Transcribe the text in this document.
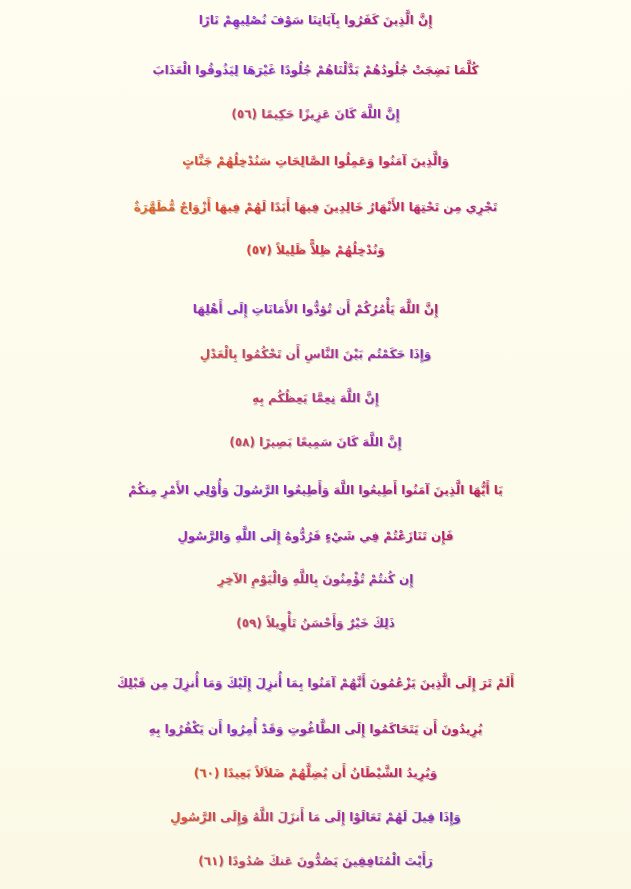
إِنَّ الَّذِينَ كَفَرُوا بِآيَاتِنَا سَوْفَ نُصْلِيهِمْ نَارًا
كُلَّمَا نَضِجَتْ جُلُودُهُمْ بَدَّلْنَاهُمْ جُلُودًا غَيْرَهَا لِيَذُوقُوا الْعَذَابَ
إِنَّ اللَّهَ كَانَ عَزِيزًا حَكِيمًا (٥٦)
وَالَّذِينَ آمَنُوا وَعَمِلُوا الصَّالِحَاتِ سَنُدْخِلُهُمْ جَنَّاتٍ
تَجْرِي مِن تَحْتِهَا الأَنْهَارُ خَالِدِينَ فِيهَا أَبَدًا لَهُمْ فِيهَا أَزْوَاجٌ مُّطَهَّرَةٌ
وَنُدْخِلُهُمْ ظِلاًّ ظَلِيلاً (٥٧)
إِنَّ اللَّهَ يَأْمُرُكُمْ أَن تُؤدُّوا الأَمَانَاتِ إِلَى أَهْلِهَا
وَإِذَا حَكَمْتُم بَيْنَ النَّاسِ أَن تَحْكُمُوا بِالْعَدْلِ
إِنَّ اللَّهَ نِعِمَّا يَعِظُكُم بِهِ
إِنَّ اللَّهَ كَانَ سَمِيعًا بَصِيرًا (٥٨)
يَا أَيُّهَا الَّذِينَ آمَنُوا أَطِيعُوا اللَّهَ وَأَطِيعُوا الرَّسُولَ وَأُوْلِي الأَمْرِ مِنكُمْ
فَإِن تَنَازَعْتُمْ فِي شَيْءٍ فَرُدُّوهُ إِلَى اللَّهِ وَالرَّسُولِ
إِن كُنتُمْ تُؤْمِنُونَ بِاللَّهِ وَالْيَوْمِ الآخِرِ
ذَلِكَ خَيْرٌ وَأَحْسَنُ تَأْوِيلاً (٥٩)
أَلَمْ تَرَ إِلَى الَّذِينَ يَزْعُمُونَ أَنَّهُمْ آمَنُوا بِمَا أُنزِلَ إِلَيْكَ وَمَا أُنزِلَ مِن قَبْلِكَ
يُرِيدُونَ أَن يَتَحَاكَمُوا إِلَى الطَّاغُوتِ وَقَدْ أُمِرُوا أَن يَكْفُرُوا بِهِ
وَيُرِيدُ الشَّيْطَانُ أَن يُضِلَّهُمْ ضَلاَلاً بَعِيدًا (٦٠)
وَإِذَا قِيلَ لَهُمْ تَعَالَوْا إِلَى مَا أَنزَلَ اللَّهُ وَإِلَى الرَّسُولِ
رَأَيْتَ الْمُنَافِقِينَ يَصُدُّونَ عَنكَ صُدُودًا (٦١)
